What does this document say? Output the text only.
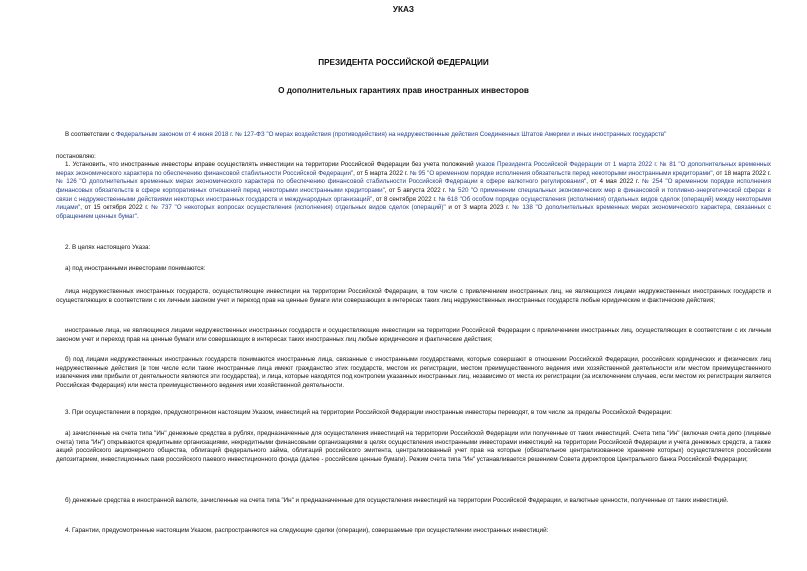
УКАЗ
ПРЕЗИДЕНТА РОССИЙСКОЙ ФЕДЕРАЦИИ
О дополнительных гарантиях прав иностранных инвесторов

В соответствии с Федеральным законом от 4 июня 2018 г. № 127-ФЗ "О мерах воздействия (противодействия) на недружественные действия Соединенных Штатов Америки и иных иностранных государств"

постановляю:

1. Установить, что иностранные инвесторы вправе осуществлять инвестиции на территории Российской Федерации без учета положений указов Президента Российской Федерации от 1 марта 2022 г. № 81 "О дополнительных временных мерах экономического характера по обеспечению финансовой стабильности Российской Федерации", от 5 марта 2022 г. № 95 "О временном порядке исполнения обязательств перед некоторыми иностранными кредиторами", от 18 марта 2022 г. № 126 "О дополнительных временных мерах экономического характера по обеспечению финансовой стабильности Российской Федерации в сфере валютного регулирования", от 4 мая 2022 г. № 254 "О временном порядке исполнения финансовых обязательств в сфере корпоративных отношений перед некоторыми иностранными кредиторами", от 5 августа 2022 г. № 520 "О применении специальных экономических мер в финансовой и топливно-энергетической сферах в связи с недружественными действиями некоторых иностранных государств и международных организаций", от 8 сентября 2022 г. № 618 "Об особом порядке осуществления (исполнения) отдельных видов сделок (операций) между некоторыми лицами", от 15 октября 2022 г. № 737 "О некоторых вопросах осуществления (исполнения) отдельных видов сделок (операций)" и от 3 марта 2023 г. № 138 "О дополнительных временных мерах экономического характера, связанных с обращением ценных бумаг".

2. В целях настоящего Указа:

а) под иностранными инвесторами понимаются:

лица недружественных иностранных государств, осуществляющие инвестиции на территории Российской Федерации, в том числе с привлечением иностранных лиц, не являющихся лицами недружественных иностранных государств и осуществляющих в соответствии с их личным законом учет и переход прав на ценные бумаги или совершающих в интересах таких лиц недружественных иностранных государств любые юридические и фактические действия;

иностранные лица, не являющиеся лицами недружественных иностранных государств и осуществляющие инвестиции на территории Российской Федерации с привлечением иностранных лиц, осуществляющих в соответствии с их личным законом учет и переход прав на ценные бумаги или совершающих в интересах таких иностранных лиц любые юридические и фактические действия;

б) под лицами недружественных иностранных государств понимаются иностранные лица, связанные с иностранными государствами, которые совершают в отношении Российской Федерации, российских юридических и физических лиц недружественные действия (в том числе если такие иностранные лица имеют гражданство этих государств, местом их регистрации, местом преимущественного ведения ими хозяйственной деятельности или местом преимущественного извлечения ими прибыли от деятельности являются эти государства), и лица, которые находятся под контролем указанных иностранных лиц, независимо от места их регистрации (за исключением случаев, если местом их регистрации является Российская Федерация) или места преимущественного ведения ими хозяйственной деятельности.

3. При осуществлении в порядке, предусмотренном настоящим Указом, инвестиций на территории Российской Федерации иностранные инвесторы переводят, в том числе за пределы Российской Федерации:

а) зачисленные на счета типа "Ин" денежные средства в рублях, предназначенные для осуществления инвестиций на территории Российской Федерации или полученные от таких инвестиций. Счета типа "Ин" (включая счета депо (лицевые счета) типа "Ин") открываются кредитными организациями, некредитными финансовыми организациями в целях осуществления иностранными инвесторами инвестиций на территории Российской Федерации и учета денежных средств, а также акций российского акционерного общества, облигаций федерального займа, облигаций российского эмитента, централизованный учет прав на которые (обязательное централизованное хранение которых) осуществляется российским депозитарием, инвестиционных паев российского паевого инвестиционного фонда (далее - российские ценные бумаги). Режим счета типа "Ин" устанавливается решением Совета директоров Центрального банка Российской Федерации;

б) денежные средства в иностранной валюте, зачисленные на счета типа "Ин" и предназначенные для осуществления инвестиций на территории Российской Федерации, и валютные ценности, полученные от таких инвестиций.

4. Гарантии, предусмотренные настоящим Указом, распространяются на следующие сделки (операции), совершаемые при осуществлении иностранных инвестиций:
